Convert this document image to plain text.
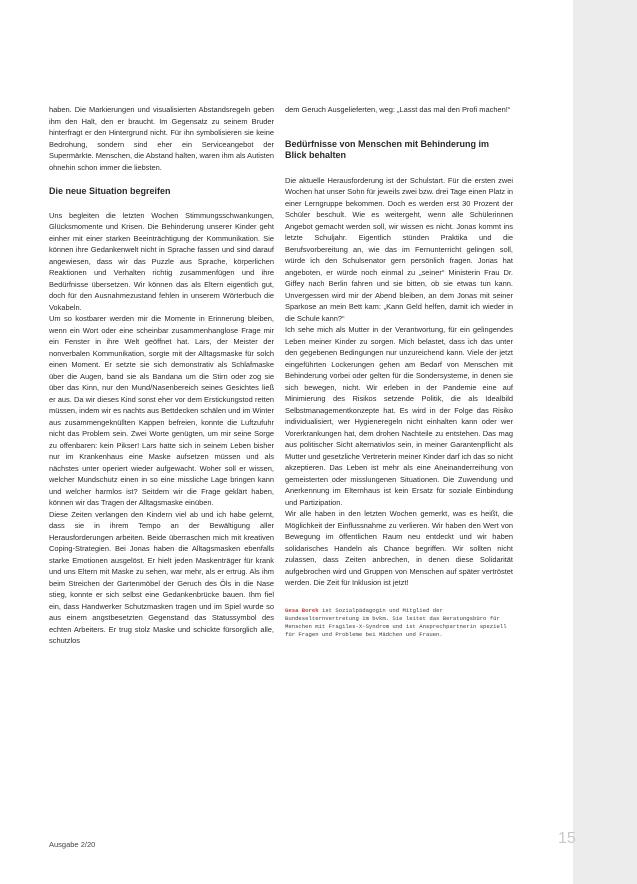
haben. Die Markierungen und visualisierten Abstandsregeln geben ihm den Halt, den er braucht. Im Gegensatz zu seinem Bruder hinterfragt er den Hintergrund nicht. Für ihn symbolisieren sie keine Bedrohung, sondern sind eher ein Serviceangebot der Supermärkte. Menschen, die Abstand halten, waren ihm als Autisten ohnehin schon immer die liebsten.

Die neue Situation begreifen

Uns begleiten die letzten Wochen Stimmungsschwankungen, Glücksmomente und Krisen. Die Behinderung unserer Kinder geht einher mit einer starken Beeinträchtigung der Kommunikation. Sie können ihre Gedankenwelt nicht in Sprache fassen und sind darauf angewiesen, dass wir das Puzzle aus Sprache, körperlichen Reaktionen und Verhalten richtig zusammenfügen und ihre Bedürfnisse übersetzen. Wir können das als Eltern eigentlich gut, doch für den Ausnahmezustand fehlen in unserem Wörterbuch die Vokabeln.

Um so kostbarer werden mir die Momente in Erinnerung bleiben, wenn ein Wort oder eine scheinbar zusammenhanglose Frage mir ein Fenster in ihre Welt geöffnet hat. Lars, der Meister der nonverbalen Kommunikation, sorgte mit der Alltagsmaske für solch einen Moment. Er setzte sie sich demonstrativ als Schlafmaske über die Augen, band sie als Bandana um die Stirn oder zog sie über das Kinn, nur den Mund/Nasenbereich seines Gesichtes ließ er aus. Da wir dieses Kind sonst eher vor dem Erstickungstod retten müssen, indem wir es nachts aus Bettdecken schälen und im Winter aus zusammengeknüllten Kappen befreien, konnte die Luftzufuhr nicht das Problem sein. Zwei Worte genügten, um mir seine Sorge zu offenbaren: kein Pikser! Lars hatte sich in seinem Leben bisher nur im Krankenhaus eine Maske aufsetzen müssen und als nächstes unter operiert wieder aufgewacht. Woher soll er wissen, welcher Mundschutz einen in so eine missliche Lage bringen kann und welcher harmlos ist? Seitdem wir die Frage geklärt haben, können wir das Tragen der Alltagsmaske einüben.

Diese Zeiten verlangen den Kindern viel ab und ich habe gelernt, dass sie in ihrem Tempo an der Bewältigung aller Herausforderungen arbeiten. Beide überraschen mich mit kreativen Coping-Strategien. Bei Jonas haben die Alltagsmasken ebenfalls starke Emotionen ausgelöst. Er hielt jeden Maskenträger für krank und uns Eltern mit Maske zu sehen, war mehr, als er ertrug. Als ihm beim Streichen der Gartenmöbel der Geruch des Öls in die Nase stieg, konnte er sich selbst eine Gedankenbrücke bauen. Ihm fiel ein, dass Handwerker Schutzmasken tragen und im Spiel wurde so aus einem angstbesetzten Gegenstand das Statussymbol des echten Arbeiters. Er trug stolz Maske und schickte fürsorglich alle, schutzlos

dem Geruch Ausgelieferten, weg: „Lasst das mal den Profi machen!“

Bedürfnisse von Menschen mit Behinderung im Blick behalten

Die aktuelle Herausforderung ist der Schulstart. Für die ersten zwei Wochen hat unser Sohn für jeweils zwei bzw. drei Tage einen Platz in einer Lerngruppe bekommen. Doch es werden erst 30 Prozent der Schüler beschult. Wie es weitergeht, wenn alle Schülerinnen Angebot gemacht werden soll, wir wissen es nicht. Jonas kommt ins letzte Schuljahr. Eigentlich stünden Praktika und die Berufsvorbereitung an, wie das im Fernunterricht gelingen soll, würde ich den Schulsenator gern persönlich fragen. Jonas hat angeboten, er würde noch einmal zu „seiner“ Ministerin Frau Dr. Giffey nach Berlin fahren und sie bitten, ob sie etwas tun kann. Unvergessen wird mir der Abend bleiben, an dem Jonas mit seiner Sparkose an mein Bett kam: „Kann Geld helfen, damit ich wieder in die Schule kann?“

Ich sehe mich als Mutter in der Verantwortung, für ein gelingendes Leben meiner Kinder zu sorgen. Mich belastet, dass ich das unter den gegebenen Bedingungen nur unzureichend kann. Viele der jetzt eingeführten Lockerungen gehen am Bedarf von Menschen mit Behinderung vorbei oder gelten für die Sondersysteme, in denen sie sich bewegen, nicht. Wir erleben in der Pandemie eine auf Minimierung des Risikos setzende Politik, die als Idealbild Selbstmanagementkonzepte hat. Es wird in der Folge das Risiko individualisiert, wer Hygieneregeln nicht einhalten kann oder wer Vorerkrankungen hat, dem drohen Nachteile zu entstehen. Das mag aus politischer Sicht alternativlos sein, in meiner Garantenpflicht als Mutter und gesetzliche Vertreterin meiner Kinder darf ich das so nicht akzeptieren. Das Leben ist mehr als eine Aneinanderreihung von gemeisterten oder misslungenen Situationen. Die Zuwendung und Anerkennung im Elternhaus ist kein Ersatz für soziale Einbindung und Partizipation.

Wir alle haben in den letzten Wochen gemerkt, was es heißt, die Möglichkeit der Einflussnahme zu verlieren. Wir haben den Wert von Bewegung im öffentlichen Raum neu entdeckt und wir haben solidarisches Handeln als Chance begriffen. Wir sollten nicht zulassen, dass Zeiten anbrechen, in denen diese Solidarität aufgebrochen wird und Gruppen von Menschen auf später vertröstet werden. Die Zeit für Inklusion ist jetzt!

Gesa Borek ist Sozialpädagogin und Mitglied der Bundeselternvertretung im bvkm. Sie leitet das Beratungsbüro für Menschen mit Fragiles-X-Syndrom und ist Ansprechpartnerin speziell für Fragen und Probleme bei Mädchen und Frauen.
Ausgabe 2/20	15
